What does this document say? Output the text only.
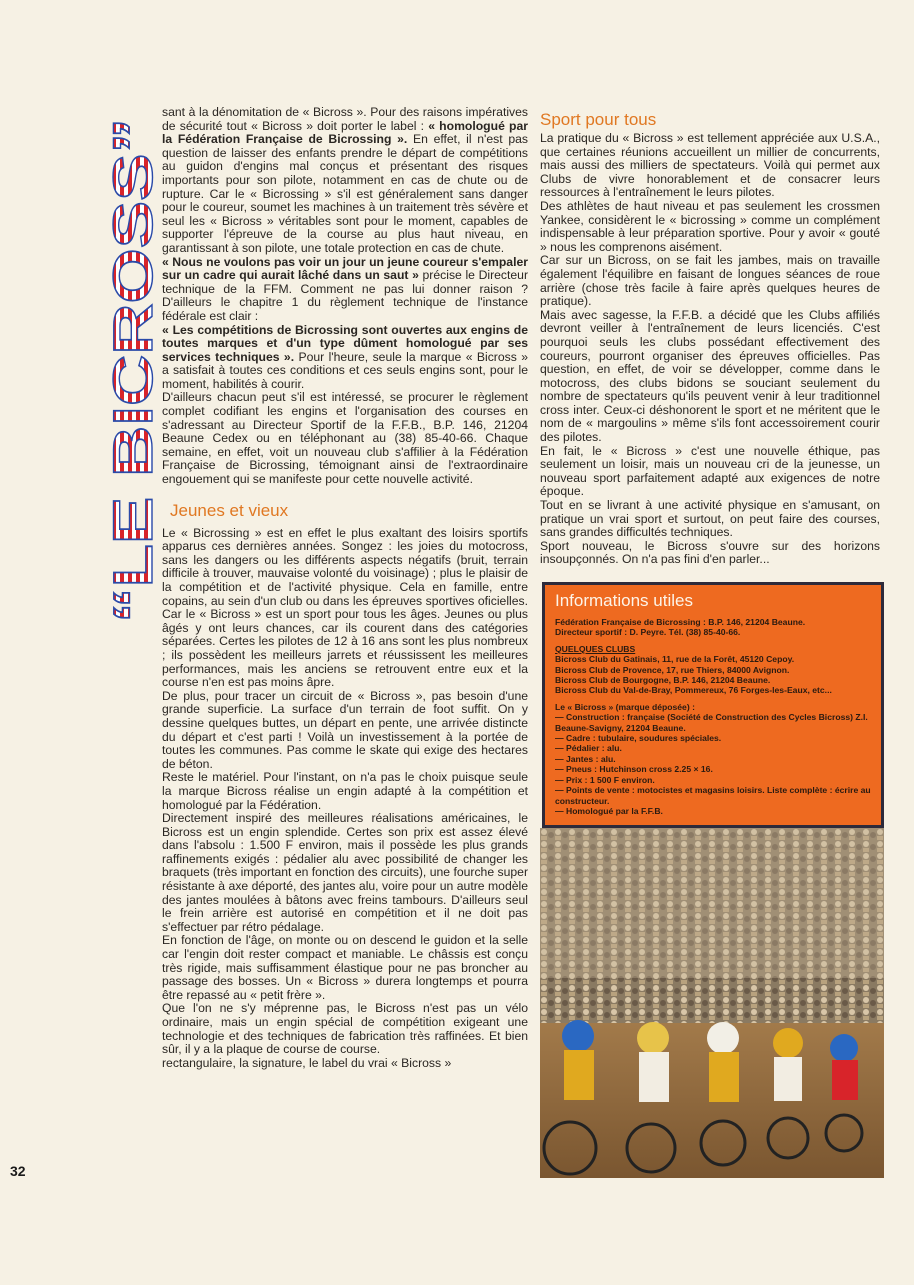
“LE BICROSS”

sant à la dénomitation de « Bicross ». Pour des raisons impératives de sécurité tout « Bicross » doit porter le label : « homologué par la Fédération Française de Bicrossing ». En effet, il n'est pas question de laisser des enfants prendre le départ de compétitions au guidon d'engins mal conçus et présentant des risques importants pour son pilote, notamment en cas de chute ou de rupture. Car le « Bicrossing » s'il est généralement sans danger pour le coureur, soumet les machines à un traitement très sévère et seul les « Bicross » véritables sont pour le moment, capables de supporter l'épreuve de la course au plus haut niveau, en garantissant à son pilote, une totale protection en cas de chute.

« Nous ne voulons pas voir un jour un jeune coureur s'empaler sur un cadre qui aurait lâché dans un saut » précise le Directeur technique de la FFM. Comment ne pas lui donner raison ? D'ailleurs le chapitre 1 du règlement technique de l'instance fédérale est clair :

« Les compétitions de Bicrossing sont ouvertes aux engins de toutes marques et d'un type dûment homologué par ses services techniques ». Pour l'heure, seule la marque « Bicross » a satisfait à toutes ces conditions et ces seuls engins sont, pour le moment, habilités à courir.

D'ailleurs chacun peut s'il est intéressé, se procurer le règlement complet codifiant les engins et l'organisation des courses en s'adressant au Directeur Sportif de la F.F.B., B.P. 146, 21204 Beaune Cedex ou en téléphonant au (38) 85-40-66. Chaque semaine, en effet, voit un nouveau club s'affilier à la Fédération Française de Bicrossing, témoignant ainsi de l'extraordinaire engouement qui se manifeste pour cette nouvelle activité.

Jeunes et vieux

Le « Bicrossing » est en effet le plus exaltant des loisirs sportifs apparus ces dernières années. Songez : les joies du motocross, sans les dangers ou les différents aspects négatifs (bruit, terrain difficile à trouver, mauvaise volonté du voisinage) ; plus le plaisir de la compétition et de l'activité physique. Cela en famille, entre copains, au sein d'un club ou dans les épreuves sportives oficielles. Car le « Bicross » est un sport pour tous les âges. Jeunes ou plus âgés y ont leurs chances, car ils courent dans des catégories séparées. Certes les pilotes de 12 à 16 ans sont les plus nombreux ; ils possèdent les meilleurs jarrets et réussissent les meilleures performances, mais les anciens se retrouvent entre eux et la course n'en est pas moins âpre.

De plus, pour tracer un circuit de « Bicross », pas besoin d'une grande superficie. La surface d'un terrain de foot suffit. On y dessine quelques buttes, un départ en pente, une arrivée distincte du départ et c'est parti ! Voilà un investissement à la portée de toutes les communes. Pas comme le skate qui exige des hectares de béton.

Reste le matériel. Pour l'instant, on n'a pas le choix puisque seule la marque Bicross réalise un engin adapté à la compétition et homologué par la Fédération.

Directement inspiré des meilleures réalisations américaines, le Bicross est un engin splendide. Certes son prix est assez élevé dans l'absolu : 1.500 F environ, mais il possède les plus grands raffinements exigés : pédalier alu avec possibilité de changer les braquets (très important en fonction des circuits), une fourche super résistante à axe déporté, des jantes alu, voire pour un autre modèle des jantes moulées à bâtons avec freins tambours. D'ailleurs seul le frein arrière est autorisé en compétition et il ne doit pas s'effectuer par rétro pédalage.

En fonction de l'âge, on monte ou on descend le guidon et la selle car l'engin doit rester compact et maniable. Le châssis est conçu très rigide, mais suffisamment élastique pour ne pas broncher au passage des bosses. Un « Bicross » durera longtemps et pourra être repassé au « petit frère ».

Que l'on ne s'y méprenne pas, le Bicross n'est pas un vélo ordinaire, mais un engin spécial de compétition exigeant une technologie et des techniques de fabrication très raffinées. Et bien sûr, il y a la plaque de course de course.

rectangulaire, la signature, le label du vrai « Bicross »

Sport pour tous

La pratique du « Bicross » est tellement appréciée aux U.S.A., que certaines réunions accueillent un millier de concurrents, mais aussi des milliers de spectateurs. Voilà qui permet aux Clubs de vivre honorablement et de consacrer leurs ressources à l'entraînement le leurs pilotes.

Des athlètes de haut niveau et pas seulement les crossmen Yankee, considèrent le « bicrossing » comme un complément indispensable à leur préparation sportive. Pour y avoir « gouté » nous les comprenons aisément.

Car sur un Bicross, on se fait les jambes, mais on travaille également l'équilibre en faisant de longues séances de roue arrière (chose très facile à faire après quelques heures de pratique).

Mais avec sagesse, la F.F.B. a décidé que les Clubs affiliés devront veiller à l'entraînement de leurs licenciés. C'est pourquoi seuls les clubs possédant effectivement des coureurs, pourront organiser des épreuves officielles. Pas question, en effet, de voir se développer, comme dans le motocross, des clubs bidons se souciant seulement du nombre de spectateurs qu'ils peuvent venir à leur traditionnel cross inter. Ceux-ci déshonorent le sport et ne méritent que le nom de « margoulins » même s'ils font accessoirement courir des pilotes.

En fait, le « Bicross » c'est une nouvelle éthique, pas seulement un loisir, mais un nouveau cri de la jeunesse, un nouveau sport parfaitement adapté aux exigences de notre époque.

Tout en se livrant à une activité physique en s'amusant, on pratique un vrai sport et surtout, on peut faire des courses, sans grandes difficultés techniques.

Sport nouveau, le Bicross s'ouvre sur des horizons insoupçonnés. On n'a pas fini d'en parler...

Informations utiles
Fédération Française de Bicrossing : B.P. 146, 21204 Beaune.
Directeur sportif : D. Peyre. Tél. (38) 85-40-66.
QUELQUES CLUBS
Bicross Club du Gatinais, 11, rue de la Forêt, 45120 Cepoy.
Bicross Club de Provence, 17, rue Thiers, 84000 Avignon.
Bicross Club de Bourgogne, B.P. 146, 21204 Beaune.
Bicross Club du Val-de-Bray, Pommereux, 76 Forges-les-Eaux, etc...
Le « Bicross » (marque déposée) :
— Construction : française (Société de Construction des Cycles Bicross) Z.I. Beaune-Savigny, 21204 Beaune.
— Cadre : tubulaire, soudures spéciales.
— Pédalier : alu.
— Jantes : alu.
— Pneus : Hutchinson cross 2.25 × 16.
— Prix : 1 500 F environ.
— Points de vente : motocistes et magasins loisirs. Liste complète : écrire au constructeur.
— Homologué par la F.F.B.
32
